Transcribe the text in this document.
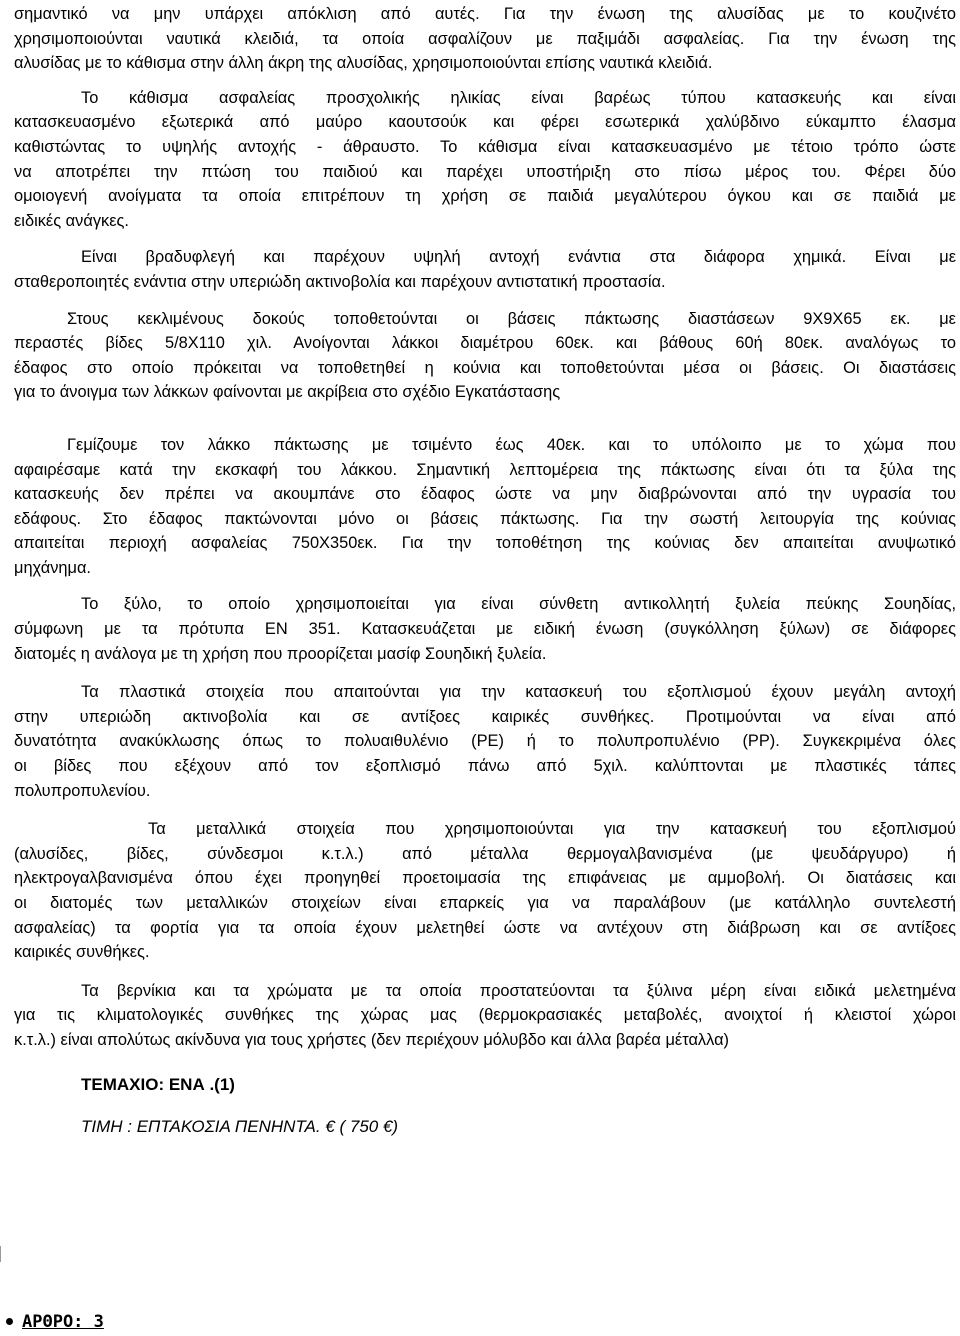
σημαντικό να μην υπάρχει απόκλιση από αυτές. Για την ένωση της αλυσίδας με το κουζινέτο
χρησιμοποιούνται ναυτικά κλειδιά, τα οποία ασφαλίζουν με παξιμάδι ασφαλείας. Για την ένωση της
αλυσίδας με το κάθισμα στην άλλη άκρη της αλυσίδας, χρησιμοποιούνται επίσης ναυτικά κλειδιά.

Το κάθισμα ασφαλείας προσχολικής ηλικίας είναι βαρέως τύπου κατασκευής και είναι
κατασκευασμένο εξωτερικά από μαύρο καουτσούκ και φέρει εσωτερικά χαλύβδινο εύκαμπτο έλασμα
καθιστώντας το υψηλής αντοχής - άθραυστο. Το κάθισμα είναι κατασκευασμένο με τέτοιο τρόπο ώστε
να αποτρέπει την πτώση του παιδιού και παρέχει υποστήριξη στο πίσω μέρος του. Φέρει δύο
ομοιογενή ανοίγματα τα οποία επιτρέπουν τη χρήση σε παιδιά μεγαλύτερου όγκου και σε παιδιά με
ειδικές ανάγκες.

Είναι βραδυφλεγή και παρέχουν υψηλή αντοχή ενάντια στα διάφορα χημικά. Είναι με
σταθεροποιητές ενάντια στην υπεριώδη ακτινοβολία και παρέχουν αντιστατική προστασία.

Στους κεκλιμένους δοκούς τοποθετούνται οι βάσεις πάκτωσης διαστάσεων 9Χ9Χ65 εκ. με
περαστές βίδες 5/8Χ110 χιλ. Ανοίγονται λάκκοι διαμέτρου 60εκ. και βάθους 60ή 80εκ. αναλόγως το
έδαφος στο οποίο πρόκειται να τοποθετηθεί η κούνια και τοποθετούνται μέσα οι βάσεις. Οι διαστάσεις
για το άνοιγμα των λάκκων φαίνονται με ακρίβεια στο σχέδιο Εγκατάστασης

Γεμίζουμε τον λάκκο πάκτωσης με τσιμέντο έως 40εκ. και το υπόλοιπο με το χώμα που
αφαιρέσαμε κατά την εκσκαφή του λάκκου. Σημαντική λεπτομέρεια της πάκτωσης είναι ότι τα ξύλα της
κατασκευής δεν πρέπει να ακουμπάνε στο έδαφος ώστε να μην διαβρώνονται από την υγρασία του
εδάφους. Στο έδαφος πακτώνονται μόνο οι βάσεις πάκτωσης. Για την σωστή λειτουργία της κούνιας
απαιτείται περιοχή ασφαλείας 750Χ350εκ. Για την τοποθέτηση της κούνιας δεν απαιτείται ανυψωτικό
μηχάνημα.

Το ξύλο, το οποίο χρησιμοποιείται για είναι σύνθετη αντικολλητή ξυλεία πεύκης Σουηδίας,
σύμφωνη με τα πρότυπα EN 351. Κατασκευάζεται με ειδική ένωση (συγκόλληση ξύλων) σε διάφορες
διατομές η ανάλογα με τη χρήση που προορίζεται μασίφ Σουηδική ξυλεία.

Τα πλαστικά στοιχεία που απαιτούνται για την κατασκευή του εξοπλισμού έχουν μεγάλη αντοχή
στην υπεριώδη ακτινοβολία και σε αντίξοες καιρικές συνθήκες. Προτιμούνται να είναι από
δυνατότητα ανακύκλωσης όπως το πολυαιθυλένιο (PE) ή το πολυπροπυλένιο (PP). Συγκεκριμένα όλες
οι βίδες που εξέχουν από τον εξοπλισμό πάνω από 5χιλ. καλύπτονται με πλαστικές τάπες
πολυπροπυλενίου.

Τα μεταλλικά στοιχεία που χρησιμοποιούνται για την κατασκευή του εξοπλισμού
(αλυσίδες, βίδες, σύνδεσμοι κ.τ.λ.) από μέταλλα θερμογαλβανισμένα (με ψευδάργυρο) ή
ηλεκτρογαλβανισμένα όπου έχει προηγηθεί προετοιμασία της επιφάνειας με αμμοβολή. Οι διατάσεις και
οι διατομές των μεταλλικών στοιχείων είναι επαρκείς για να παραλάβουν (με κατάλληλο συντελεστή
ασφαλείας) τα φορτία για τα οποία έχουν μελετηθεί ώστε να αντέχουν στη διάβρωση και σε αντίξοες
καιρικές συνθήκες.

Τα βερνίκια και τα χρώματα με τα οποία προστατεύονται τα ξύλινα μέρη είναι ειδικά μελετημένα
για τις κλιματολογικές συνθήκες της χώρας μας (θερμοκρασιακές μεταβολές, ανοιχτοί ή κλειστοί χώροι
κ.τ.λ.) είναι απολύτως ακίνδυνα για τους χρήστες (δεν περιέχουν μόλυβδο και άλλα βαρέα μέταλλα)

ΤΕΜΑΧΙΟ: ΕΝΑ .(1)

ΤΙΜΗ : ΕΠΤΑΚΟΣΙΑ ΠΕΝΗΝΤΑ. € ( 750 €)

ΑΡΘΡΟ: 3
